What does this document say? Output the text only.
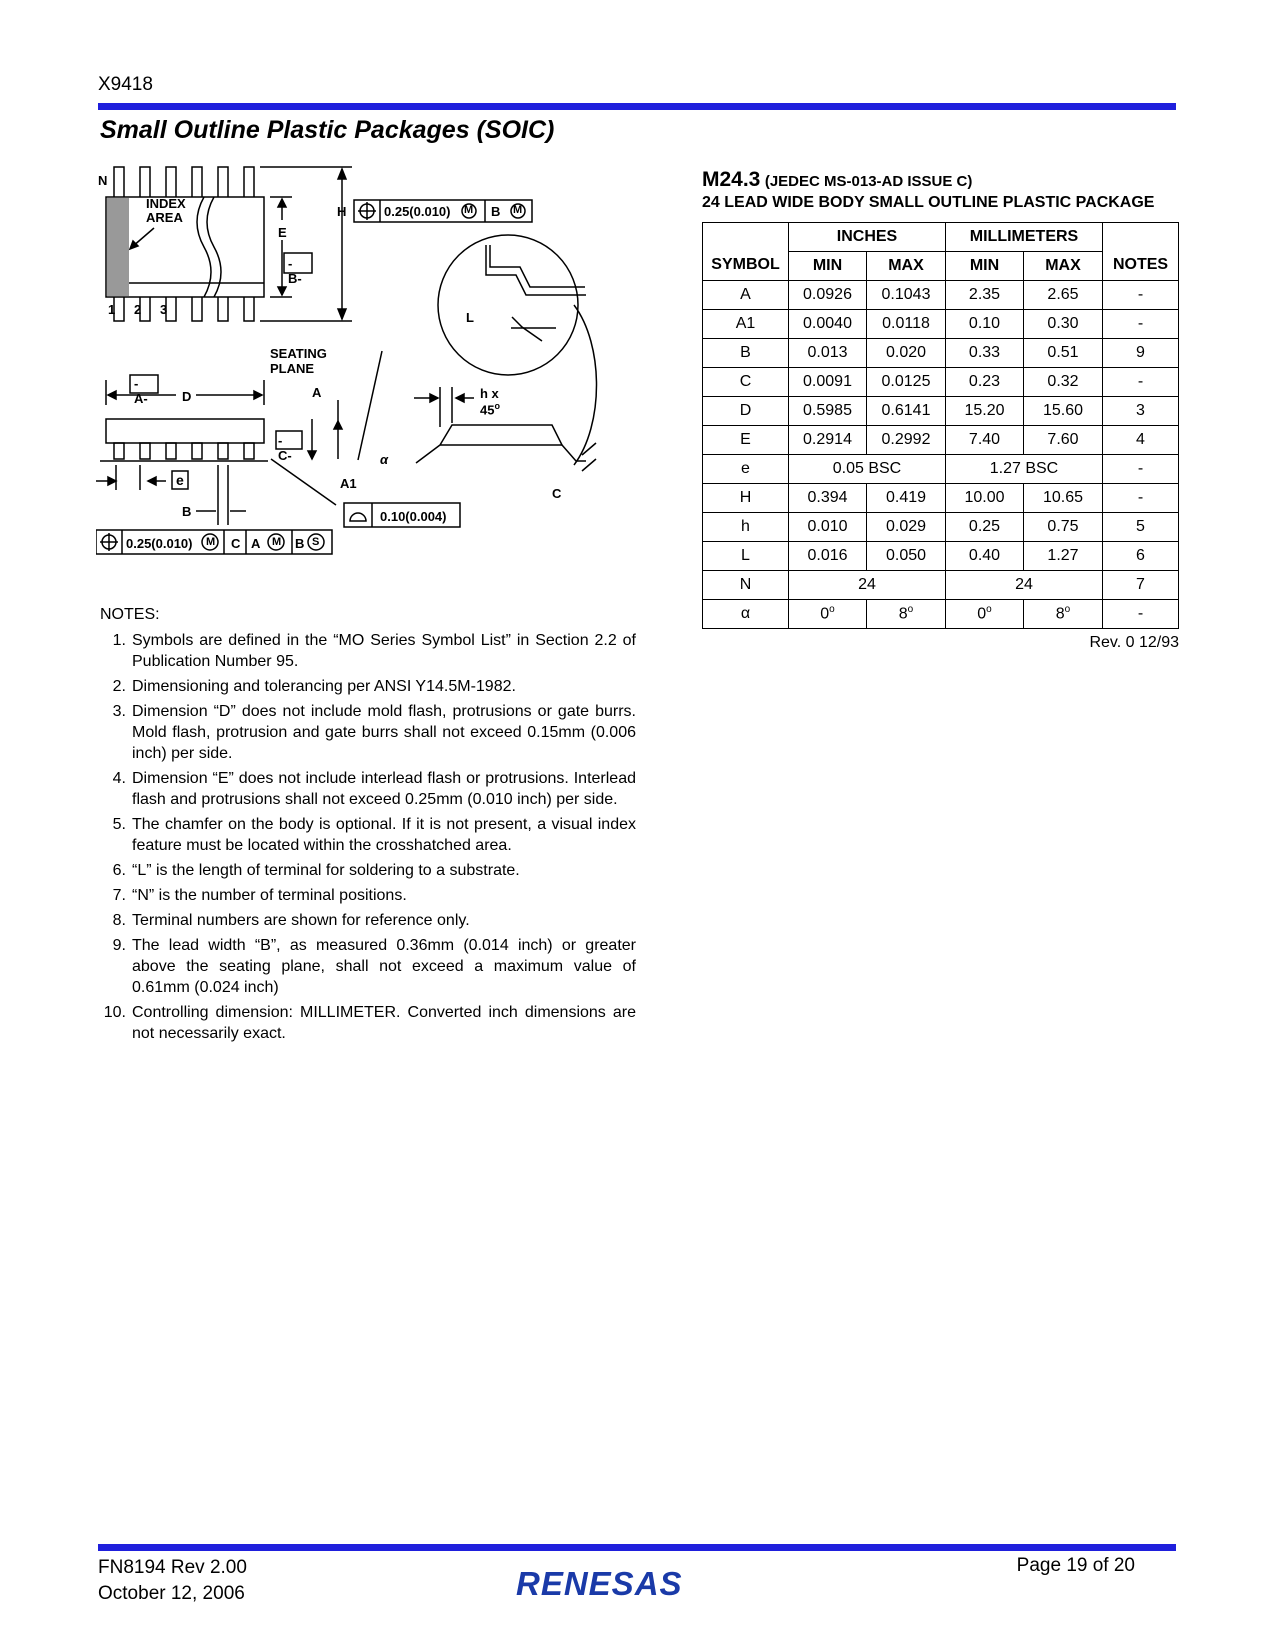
X9418
Small Outline Plastic Packages (SOIC)
N
INDEX
AREA
1 2 3
E
-B-
H	0.25(0.010) M B M
L
SEATING PLANE
-A-	D	A	h x 45$^o$
-C-	α
A1
C
e
B	0.10(0.004)
0.25(0.010) M C A M B S
M24.3 (JEDEC MS-013-AD ISSUE C)
24 LEAD WIDE BODY SMALL OUTLINE PLASTIC PACKAGE
SYMBOL	INCHES		MILLIMETERS		NOTES
	MIN	MAX	MIN	MAX	
A	0.0926	0.1043	2.35	2.65	-
A1	0.0040	0.0118	0.10	0.30	-
B	0.013	0.020	0.33	0.51	9
C	0.0091	0.0125	0.23	0.32	-
D	0.5985	0.6141	15.20	15.60	3
E	0.2914	0.2992	7.40	7.60	4
e	0.05 BSC		1.27 BSC		-
H	0.394	0.419	10.00	10.65	-
h	0.010	0.029	0.25	0.75	5
L	0.016	0.050	0.40	1.27	6
N	24		24		7
α	0$^o$	8$^o$	0$^o$	8$^o$	-
Rev. 0 12/93
NOTES:
1. Symbols are defined in the “MO Series Symbol List” in Section 2.2 of Publication Number 95.
2. Dimensioning and tolerancing per ANSI Y14.5M-1982.
3. Dimension “D” does not include mold flash, protrusions or gate burrs. Mold flash, protrusion and gate burrs shall not exceed 0.15mm (0.006 inch) per side.
4. Dimension “E” does not include interlead flash or protrusions. Interlead flash and protrusions shall not exceed 0.25mm (0.010 inch) per side.
5. The chamfer on the body is optional. If it is not present, a visual index feature must be located within the crosshatched area.
6. “L” is the length of terminal for soldering to a substrate.
7. “N” is the number of terminal positions.
8. Terminal numbers are shown for reference only.
9. The lead width “B”, as measured 0.36mm (0.014 inch) or greater above the seating plane, shall not exceed a maximum value of 0.61mm (0.024 inch)
10. Controlling dimension: MILLIMETER. Converted inch dimensions are not necessarily exact.
FN8194 Rev 2.00
October 12, 2006	RENESAS	Page 19 of 20
